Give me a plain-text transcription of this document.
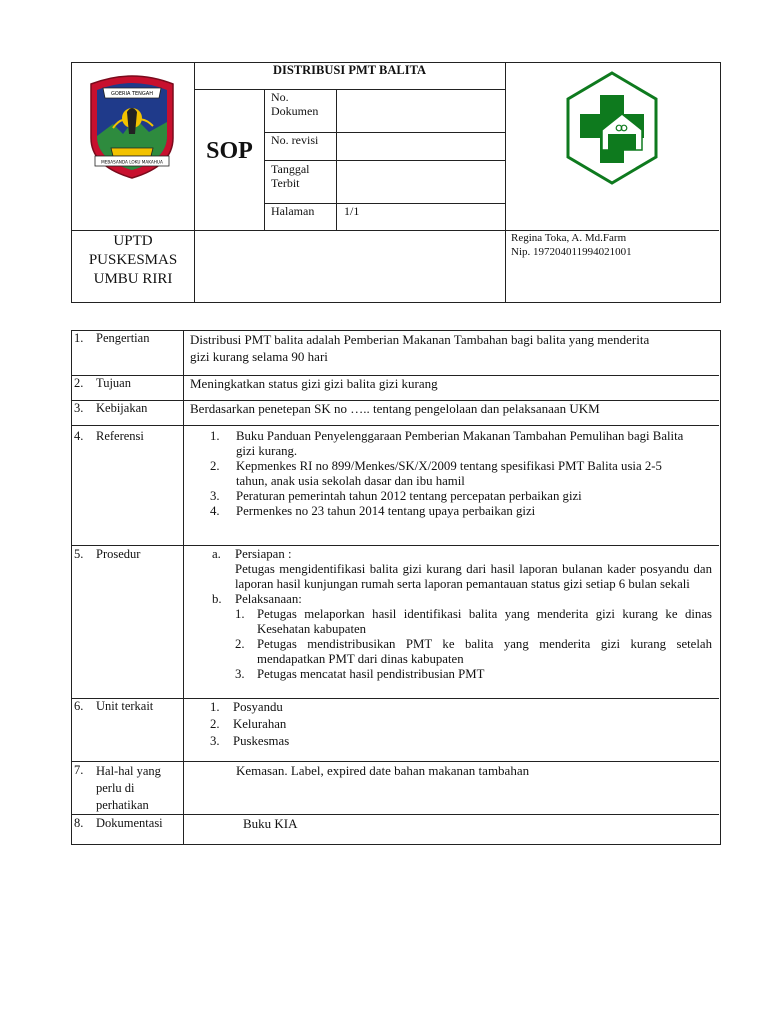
GOERIA TENGAH
MEBASANDA LOKU MAKAHUA
DISTRIBUSI PMT BALITA
SOP
No. Dokumen
No. revisi
Tanggal Terbit
Halaman	1/1
UPTD
PUSKESMAS
UMBU RIRI
Regina Toka, A. Md.Farm
Nip. 197204011994021001
1. Pengertian
2. Tujuan
3. Kebijakan
4. Referensi
5. Prosedur
6. Unit terkait
7. Hal-hal yang perlu di perhatikan
8. Dokumentasi
Distribusi PMT balita adalah Pemberian Makanan Tambahan bagi balita yang menderita gizi kurang selama 90 hari
Meningkatkan status gizi gizi balita gizi kurang
Berdasarkan penetepan SK no ….. tentang pengelolaan dan pelaksanaan UKM
1. Buku Panduan Penyelenggaraan Pemberian Makanan Tambahan Pemulihan bagi Balita gizi kurang.
2. Kepmenkes RI no 899/Menkes/SK/X/2009 tentang spesifikasi PMT Balita usia 2-5 tahun, anak usia sekolah dasar dan ibu hamil
3. Peraturan pemerintah tahun 2012 tentang percepatan perbaikan gizi
4. Permenkes no 23 tahun 2014 tentang upaya perbaikan gizi
a. Persiapan :
Petugas mengidentifikasi balita gizi kurang dari hasil laporan bulanan kader posyandu dan laporan hasil kunjungan rumah serta laporan pemantauan status gizi setiap 6 bulan sekali
b. Pelaksanaan:
1. Petugas melaporkan hasil identifikasi balita yang menderita gizi kurang ke dinas Kesehatan kabupaten
2. Petugas mendistribusikan PMT ke balita yang menderita gizi kurang setelah mendapatkan PMT dari dinas kabupaten
3. Petugas mencatat hasil pendistribusian PMT
1. Posyandu
2. Kelurahan
3. Puskesmas
Kemasan. Label, expired date bahan makanan tambahan
Buku KIA
